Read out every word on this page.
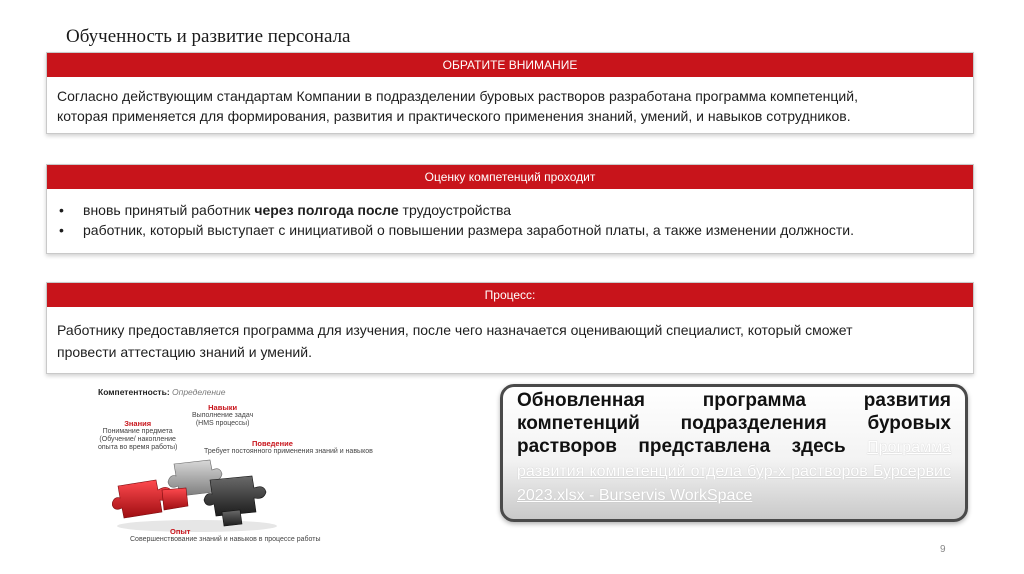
Обученность и развитие персонала
ОБРАТИТЕ ВНИМАНИЕ
Согласно действующим стандартам Компании в подразделении буровых растворов разработана программа компетенций,
которая применяется для формирования, развития и практического применения знаний, умений, и навыков сотрудников.
Оценку компетенций проходит
• вновь принятый работник через полгода после трудоустройства
• работник, который выступает с инициативой о повышении размера заработной платы, а также изменении должности.
Процесс:
Работнику предоставляется программа для изучения, после чего назначается оценивающий специалист, который сможет
провести аттестацию знаний и умений.
Компетентность: Определение
Навыки
Выполнение задач
(HMS процессы)
Знания
Понимание предмета
(Обучение/ накопление
опыта во время работы)	Поведение
Требует постоянного применения знаний и навыков
Опыт
Совершенствование знаний и навыков в процессе работы
Обновленная программа развития компетенций подразделения буровых растворов представлена здесь Программа развития компетенций отдела бур-х растворов Бурсервис 2023.xlsx - Burservis WorkSpace
9
